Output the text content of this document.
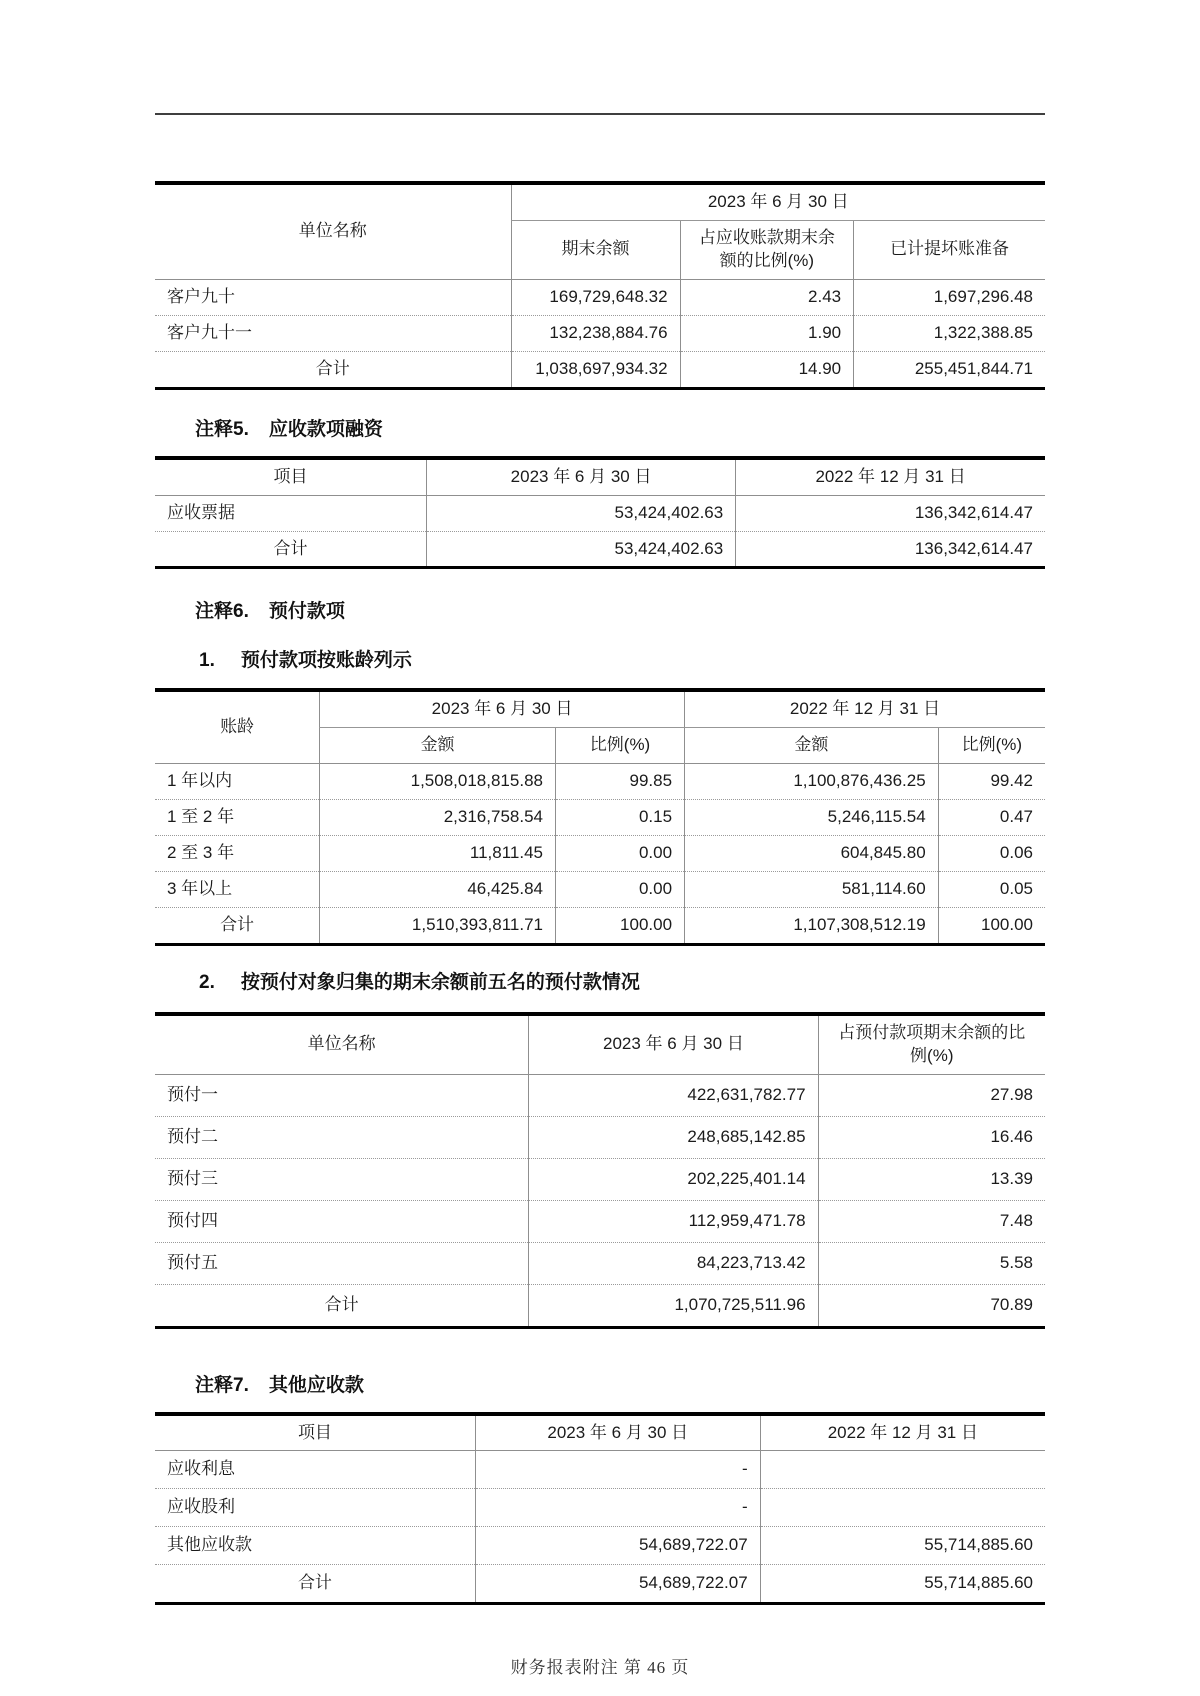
单位名称	2023 年 6 月 30 日		
	期末余额	占应收账款期末余额的比例(%)	已计提坏账准备
客户九十	169,729,648.32	2.43	1,697,296.48
客户九十一	132,238,884.76	1.90	1,322,388.85
合计	1,038,697,934.32	14.90	255,451,844.71
注释5. 应收款项融资
项目	2023 年 6 月 30 日	2022 年 12 月 31 日
应收票据	53,424,402.63	136,342,614.47
合计	53,424,402.63	136,342,614.47
注释6. 预付款项
1. 预付款项按账龄列示
账龄	2023 年 6 月 30 日		2022 年 12 月 31 日	
	金额	比例(%)	金额	比例(%)
1 年以内	1,508,018,815.88	99.85	1,100,876,436.25	99.42
1 至 2 年	2,316,758.54	0.15	5,246,115.54	0.47
2 至 3 年	11,811.45	0.00	604,845.80	0.06
3 年以上	46,425.84	0.00	581,114.60	0.05
合计	1,510,393,811.71	100.00	1,107,308,512.19	100.00
2. 按预付对象归集的期末余额前五名的预付款情况
单位名称	2023 年 6 月 30 日	占预付款项期末余额的比例(%)
预付一	422,631,782.77	27.98
预付二	248,685,142.85	16.46
预付三	202,225,401.14	13.39
预付四	112,959,471.78	7.48
预付五	84,223,713.42	5.58
合计	1,070,725,511.96	70.89
注释7. 其他应收款
项目	2023 年 6 月 30 日	2022 年 12 月 31 日
应收利息	-	
应收股利	-	
其他应收款	54,689,722.07	55,714,885.60
合计	54,689,722.07	55,714,885.60
财务报表附注 第 46 页
